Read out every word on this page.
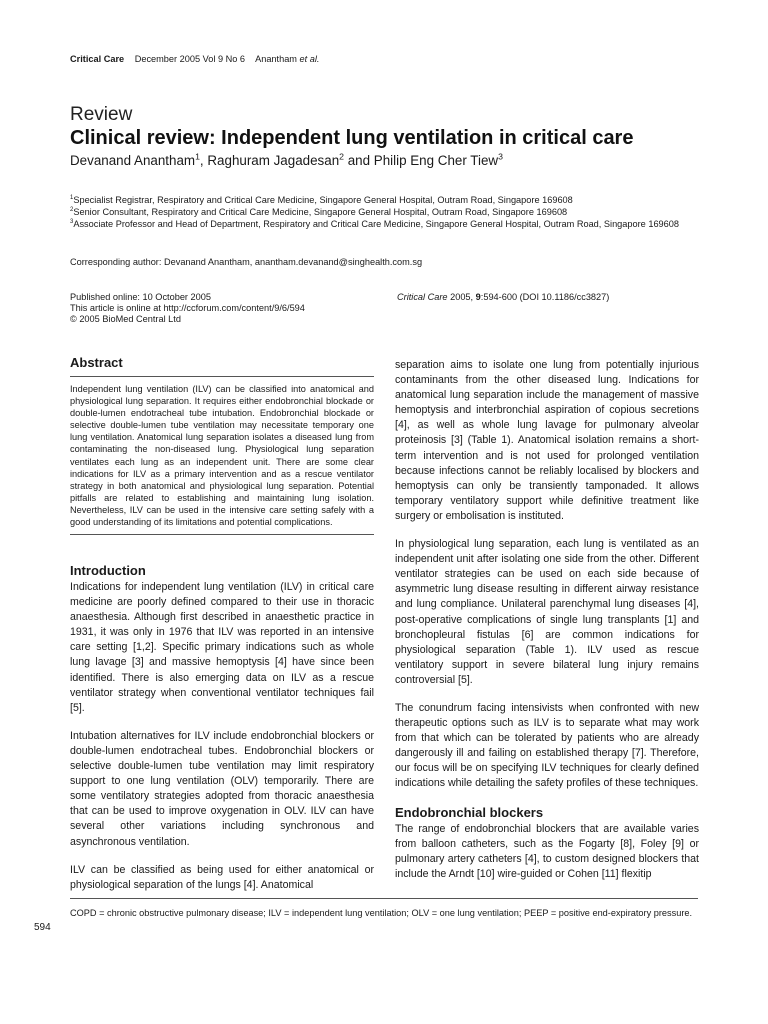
Critical Care December 2005 Vol 9 No 6 Anantham et al.
Review
Clinical review: Independent lung ventilation in critical care
Devanand Anantham$^1$, Raghuram Jagadesan$^2$ and Philip Eng Cher Tiew$^3$
$^1$Specialist Registrar, Respiratory and Critical Care Medicine, Singapore General Hospital, Outram Road, Singapore 169608
$^2$Senior Consultant, Respiratory and Critical Care Medicine, Singapore General Hospital, Outram Road, Singapore 169608
$^3$Associate Professor and Head of Department, Respiratory and Critical Care Medicine, Singapore General Hospital, Outram Road, Singapore 169608
Corresponding author: Devanand Anantham, anantham.devanand@singhealth.com.sg
Published online: 10 October 2005
This article is online at http://ccforum.com/content/9/6/594
© 2005 BioMed Central Ltd
Critical Care 2005, 9:594-600 (DOI 10.1186/cc3827)
Abstract

Independent lung ventilation (ILV) can be classified into anatomical and physiological lung separation. It requires either endobronchial blockade or double-lumen endotracheal tube intubation. Endobronchial blockade or selective double-lumen tube ventilation may necessitate temporary one lung ventilation. Anatomical lung separation isolates a diseased lung from contaminating the non-diseased lung. Physiological lung separation ventilates each lung as an independent unit. There are some clear indications for ILV as a primary intervention and as a rescue ventilator strategy in both anatomical and physiological lung separation. Potential pitfalls are related to establishing and maintaining lung isolation. Nevertheless, ILV can be used in the intensive care setting safely with a good understanding of its limitations and potential complications.

Introduction

Indications for independent lung ventilation (ILV) in critical care medicine are poorly defined compared to their use in thoracic anaesthesia. Although first described in anaesthetic practice in 1931, it was only in 1976 that ILV was reported in an intensive care setting [1,2]. Specific primary indications such as whole lung lavage [3] and massive hemoptysis [4] have since been identified. There is also emerging data on ILV as a rescue ventilator strategy when conventional ventilator techniques fail [5].

Intubation alternatives for ILV include endobronchial blockers or double-lumen endotracheal tubes. Endobronchial blockers or selective double-lumen tube ventilation may limit respiratory support to one lung ventilation (OLV) temporarily. There are some ventilatory strategies adopted from thoracic anaesthesia that can be used to improve oxygenation in OLV. ILV can have several other variations including synchronous and asynchronous ventilation.

ILV can be classified as being used for either anatomical or physiological separation of the lungs [4]. Anatomical

separation aims to isolate one lung from potentially injurious contaminants from the other diseased lung. Indications for anatomical lung separation include the management of massive hemoptysis and interbronchial aspiration of copious secretions [4], as well as whole lung lavage for pulmonary alveolar proteinosis [3] (Table 1). Anatomical isolation remains a short-term intervention and is not used for prolonged ventilation because infections cannot be reliably localised by blockers and hemoptysis can only be transiently tamponaded. It allows temporary ventilatory support while definitive treatment like surgery or embolisation is instituted.

In physiological lung separation, each lung is ventilated as an independent unit after isolating one side from the other. Different ventilator strategies can be used on each side because of asymmetric lung disease resulting in different airway resistance and lung compliance. Unilateral parenchymal lung diseases [4], post-operative complications of single lung transplants [1] and bronchopleural fistulas [6] are common indications for physiological separation (Table 1). ILV used as rescue ventilatory support in severe bilateral lung injury remains controversial [5].

The conundrum facing intensivists when confronted with new therapeutic options such as ILV is to separate what may work from that which can be tolerated by patients who are already dangerously ill and failing on established therapy [7]. Therefore, our focus will be on specifying ILV techniques for clearly defined indications while detailing the safety profiles of these techniques.

Endobronchial blockers

The range of endobronchial blockers that are available varies from balloon catheters, such as the Fogarty [8], Foley [9] or pulmonary artery catheters [4], to custom designed blockers that include the Arndt [10] wire-guided or Cohen [11] flexitip

COPD = chronic obstructive pulmonary disease; ILV = independent lung ventilation; OLV = one lung ventilation; PEEP = positive end-expiratory pressure.
594
